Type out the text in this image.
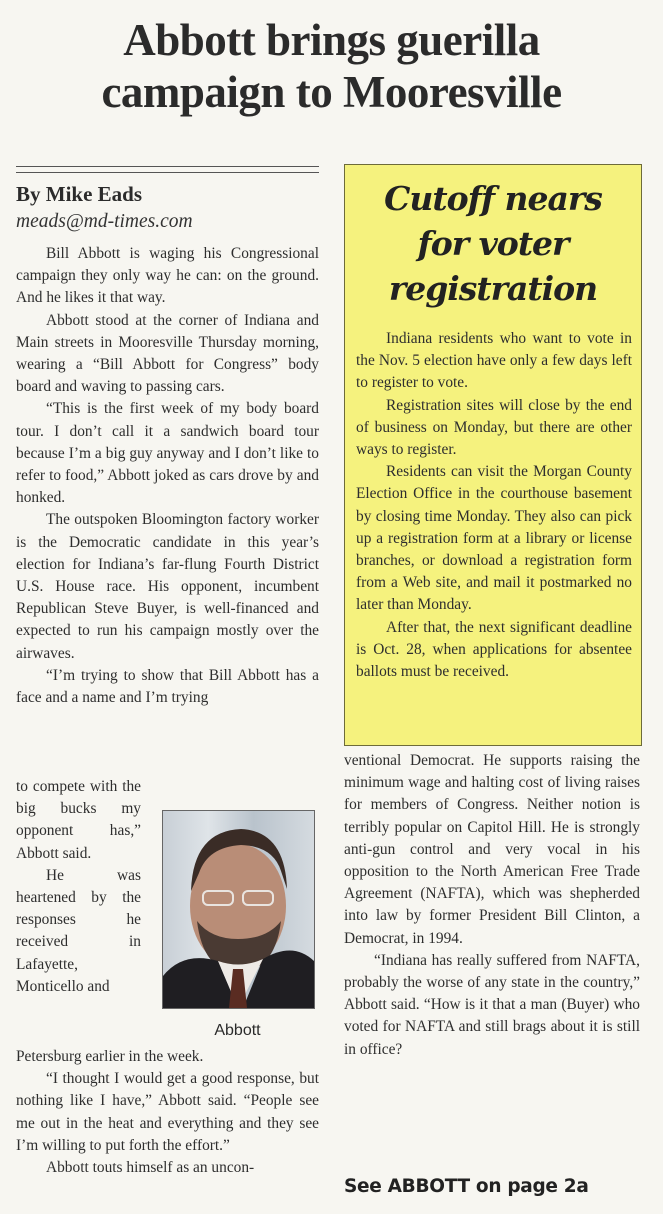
Abbott brings guerilla
campaign to Mooresville
By Mike Eads
meads@md-times.com

Bill Abbott is waging his Congressional campaign they only way he can: on the ground. And he likes it that way.

Abbott stood at the corner of Indiana and Main streets in Mooresville Thursday morning, wearing a “Bill Abbott for Congress” body board and waving to passing cars.

“This is the first week of my body board tour. I don’t call it a sandwich board tour because I’m a big guy anyway and I don’t like to refer to food,” Abbott joked as cars drove by and honked.

The outspoken Bloomington factory worker is the Democratic candidate in this year’s election for Indiana’s far-flung Fourth District U.S. House race. His opponent, incumbent Republican Steve Buyer, is well-financed and expected to run his campaign mostly over the airwaves.

“I’m trying to show that Bill Abbott has a face and a name and I’m trying

to compete with the big bucks my opponent has,” Abbott said.

He was heartened by the responses he received in Lafayette, Monticello and

Abbott

Petersburg earlier in the week.

“I thought I would get a good response, but nothing like I have,” Abbott said. “People see me out in the heat and everything and they see I’m willing to put forth the effort.”

Abbott touts himself as an uncon-

Cutoff nears
for voter
registration

Indiana residents who want to vote in the Nov. 5 election have only a few days left to register to vote.

Registration sites will close by the end of business on Monday, but there are other ways to register.

Residents can visit the Morgan County Election Office in the courthouse basement by closing time Monday. They also can pick up a registration form at a library or license branches, or download a registration form from a Web site, and mail it postmarked no later than Monday.

After that, the next significant deadline is Oct. 28, when applications for absentee ballots must be received.

ventional Democrat. He supports raising the minimum wage and halting cost of living raises for members of Congress. Neither notion is terribly popular on Capitol Hill. He is strongly anti-gun control and very vocal in his opposition to the North American Free Trade Agreement (NAFTA), which was shepherded into law by former President Bill Clinton, a Democrat, in 1994.

“Indiana has really suffered from NAFTA, probably the worse of any state in the country,” Abbott said. “How is it that a man (Buyer) who voted for NAFTA and still brags about it is still in office?

See ABBOTT on page 2a
